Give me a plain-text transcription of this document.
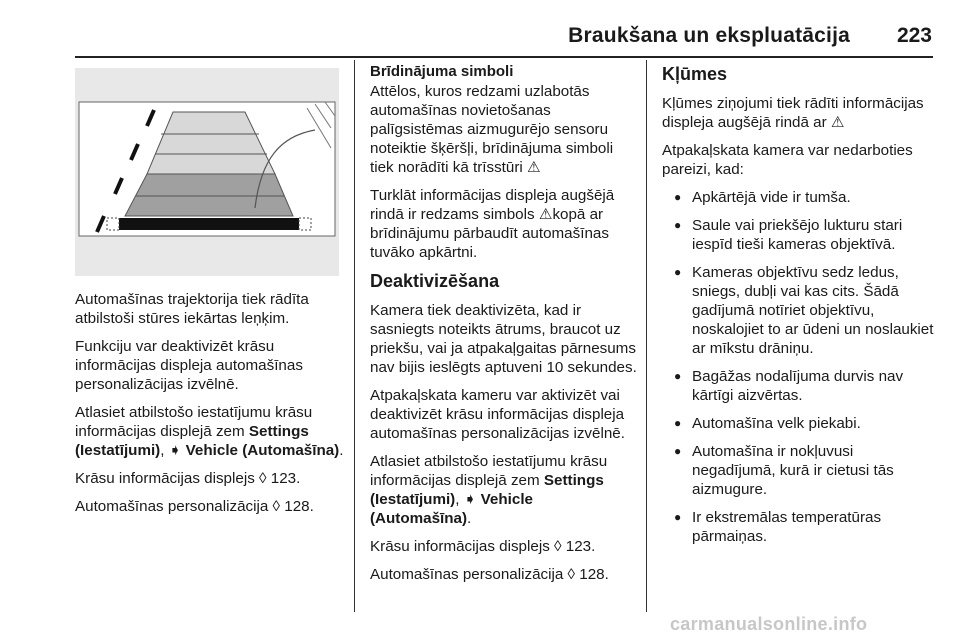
Braukšana un ekspluatācija	223

Automašīnas trajektorija tiek rādīta atbilstoši stūres iekārtas leņķim.

Funkciju var deaktivizēt krāsu informācijas displeja automašīnas personalizācijas izvēlnē.

Atlasiet atbilstošo iestatījumu krāsu informācijas displejā zem Settings (Iestatījumi), ➧ Vehicle (Automašīna).

Krāsu informācijas displejs ◊ 123.

Automašīnas personalizācija ◊ 128.

Brīdinājuma simboli

Attēlos, kuros redzami uzlabotās automašīnas novietošanas palīgsistēmas aizmugurējo sensoru noteiktie šķēršļi, brīdinājuma simboli tiek norādīti kā trīsstūri ⚠

Turklāt informācijas displeja augšējā rindā ir redzams simbols ⚠kopā ar brīdinājumu pārbaudīt automašīnas tuvāko apkārtni.

Deaktivizēšana

Kamera tiek deaktivizēta, kad ir sasniegts noteikts ātrums, braucot uz priekšu, vai ja atpakaļgaitas pārnesums nav bijis ieslēgts aptuveni 10 sekundes.

Atpakaļskata kameru var aktivizēt vai deaktivizēt krāsu informācijas displeja automašīnas personalizācijas izvēlnē.

Atlasiet atbilstošo iestatījumu krāsu informācijas displejā zem Settings (Iestatījumi), ➧ Vehicle (Automašīna).

Krāsu informācijas displejs ◊ 123.

Automašīnas personalizācija ◊ 128.

Kļūmes

Kļūmes ziņojumi tiek rādīti informācijas displeja augšējā rindā ar ⚠

Atpakaļskata kamera var nedarboties pareizi, kad:

● Apkārtējā vide ir tumša.
● Saule vai priekšējo lukturu stari iespīd tieši kameras objektīvā.
● Kameras objektīvu sedz ledus, sniegs, dubļi vai kas cits. Šādā gadījumā notīriet objektīvu, noskalojiet to ar ūdeni un noslaukiet ar mīkstu drāniņu.
● Bagāžas nodalījuma durvis nav kārtīgi aizvērtas.
● Automašīna velk piekabi.
● Automašīna ir nokļuvusi negadījumā, kurā ir cietusi tās aizmugure.
● Ir ekstremālas temperatūras pārmaiņas.
carmanualsonline.info
